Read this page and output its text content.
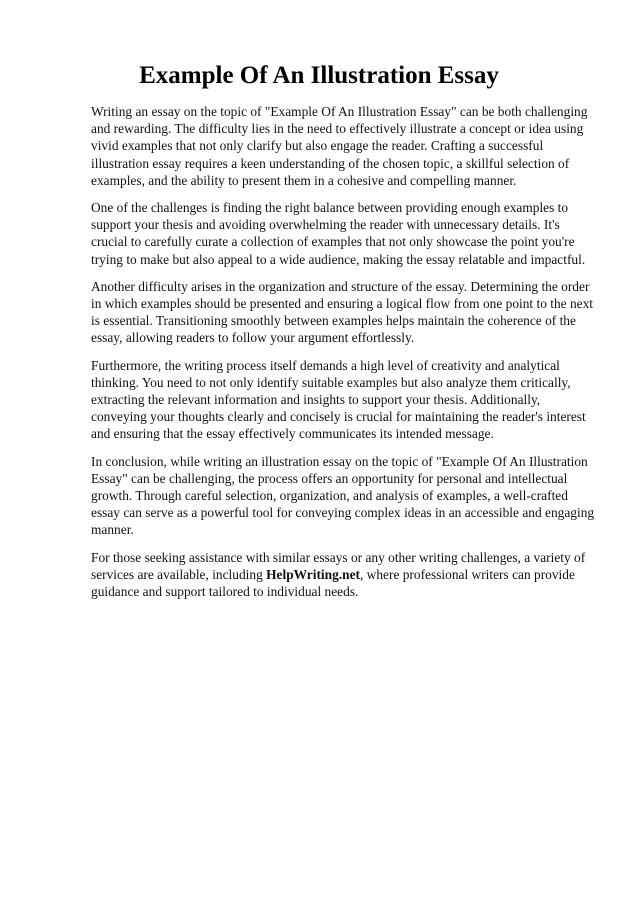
Example Of An Illustration Essay

Writing an essay on the topic of "Example Of An Illustration Essay" can be both challenging and rewarding. The difficulty lies in the need to effectively illustrate a concept or idea using vivid examples that not only clarify but also engage the reader. Crafting a successful illustration essay requires a keen understanding of the chosen topic, a skillful selection of examples, and the ability to present them in a cohesive and compelling manner.

One of the challenges is finding the right balance between providing enough examples to support your thesis and avoiding overwhelming the reader with unnecessary details. It's crucial to carefully curate a collection of examples that not only showcase the point you're trying to make but also appeal to a wide audience, making the essay relatable and impactful.

Another difficulty arises in the organization and structure of the essay. Determining the order in which examples should be presented and ensuring a logical flow from one point to the next is essential. Transitioning smoothly between examples helps maintain the coherence of the essay, allowing readers to follow your argument effortlessly.

Furthermore, the writing process itself demands a high level of creativity and analytical thinking. You need to not only identify suitable examples but also analyze them critically, extracting the relevant information and insights to support your thesis. Additionally, conveying your thoughts clearly and concisely is crucial for maintaining the reader's interest and ensuring that the essay effectively communicates its intended message.

In conclusion, while writing an illustration essay on the topic of "Example Of An Illustration Essay" can be challenging, the process offers an opportunity for personal and intellectual growth. Through careful selection, organization, and analysis of examples, a well-crafted essay can serve as a powerful tool for conveying complex ideas in an accessible and engaging manner.

For those seeking assistance with similar essays or any other writing challenges, a variety of services are available, including HelpWriting.net, where professional writers can provide guidance and support tailored to individual needs.
